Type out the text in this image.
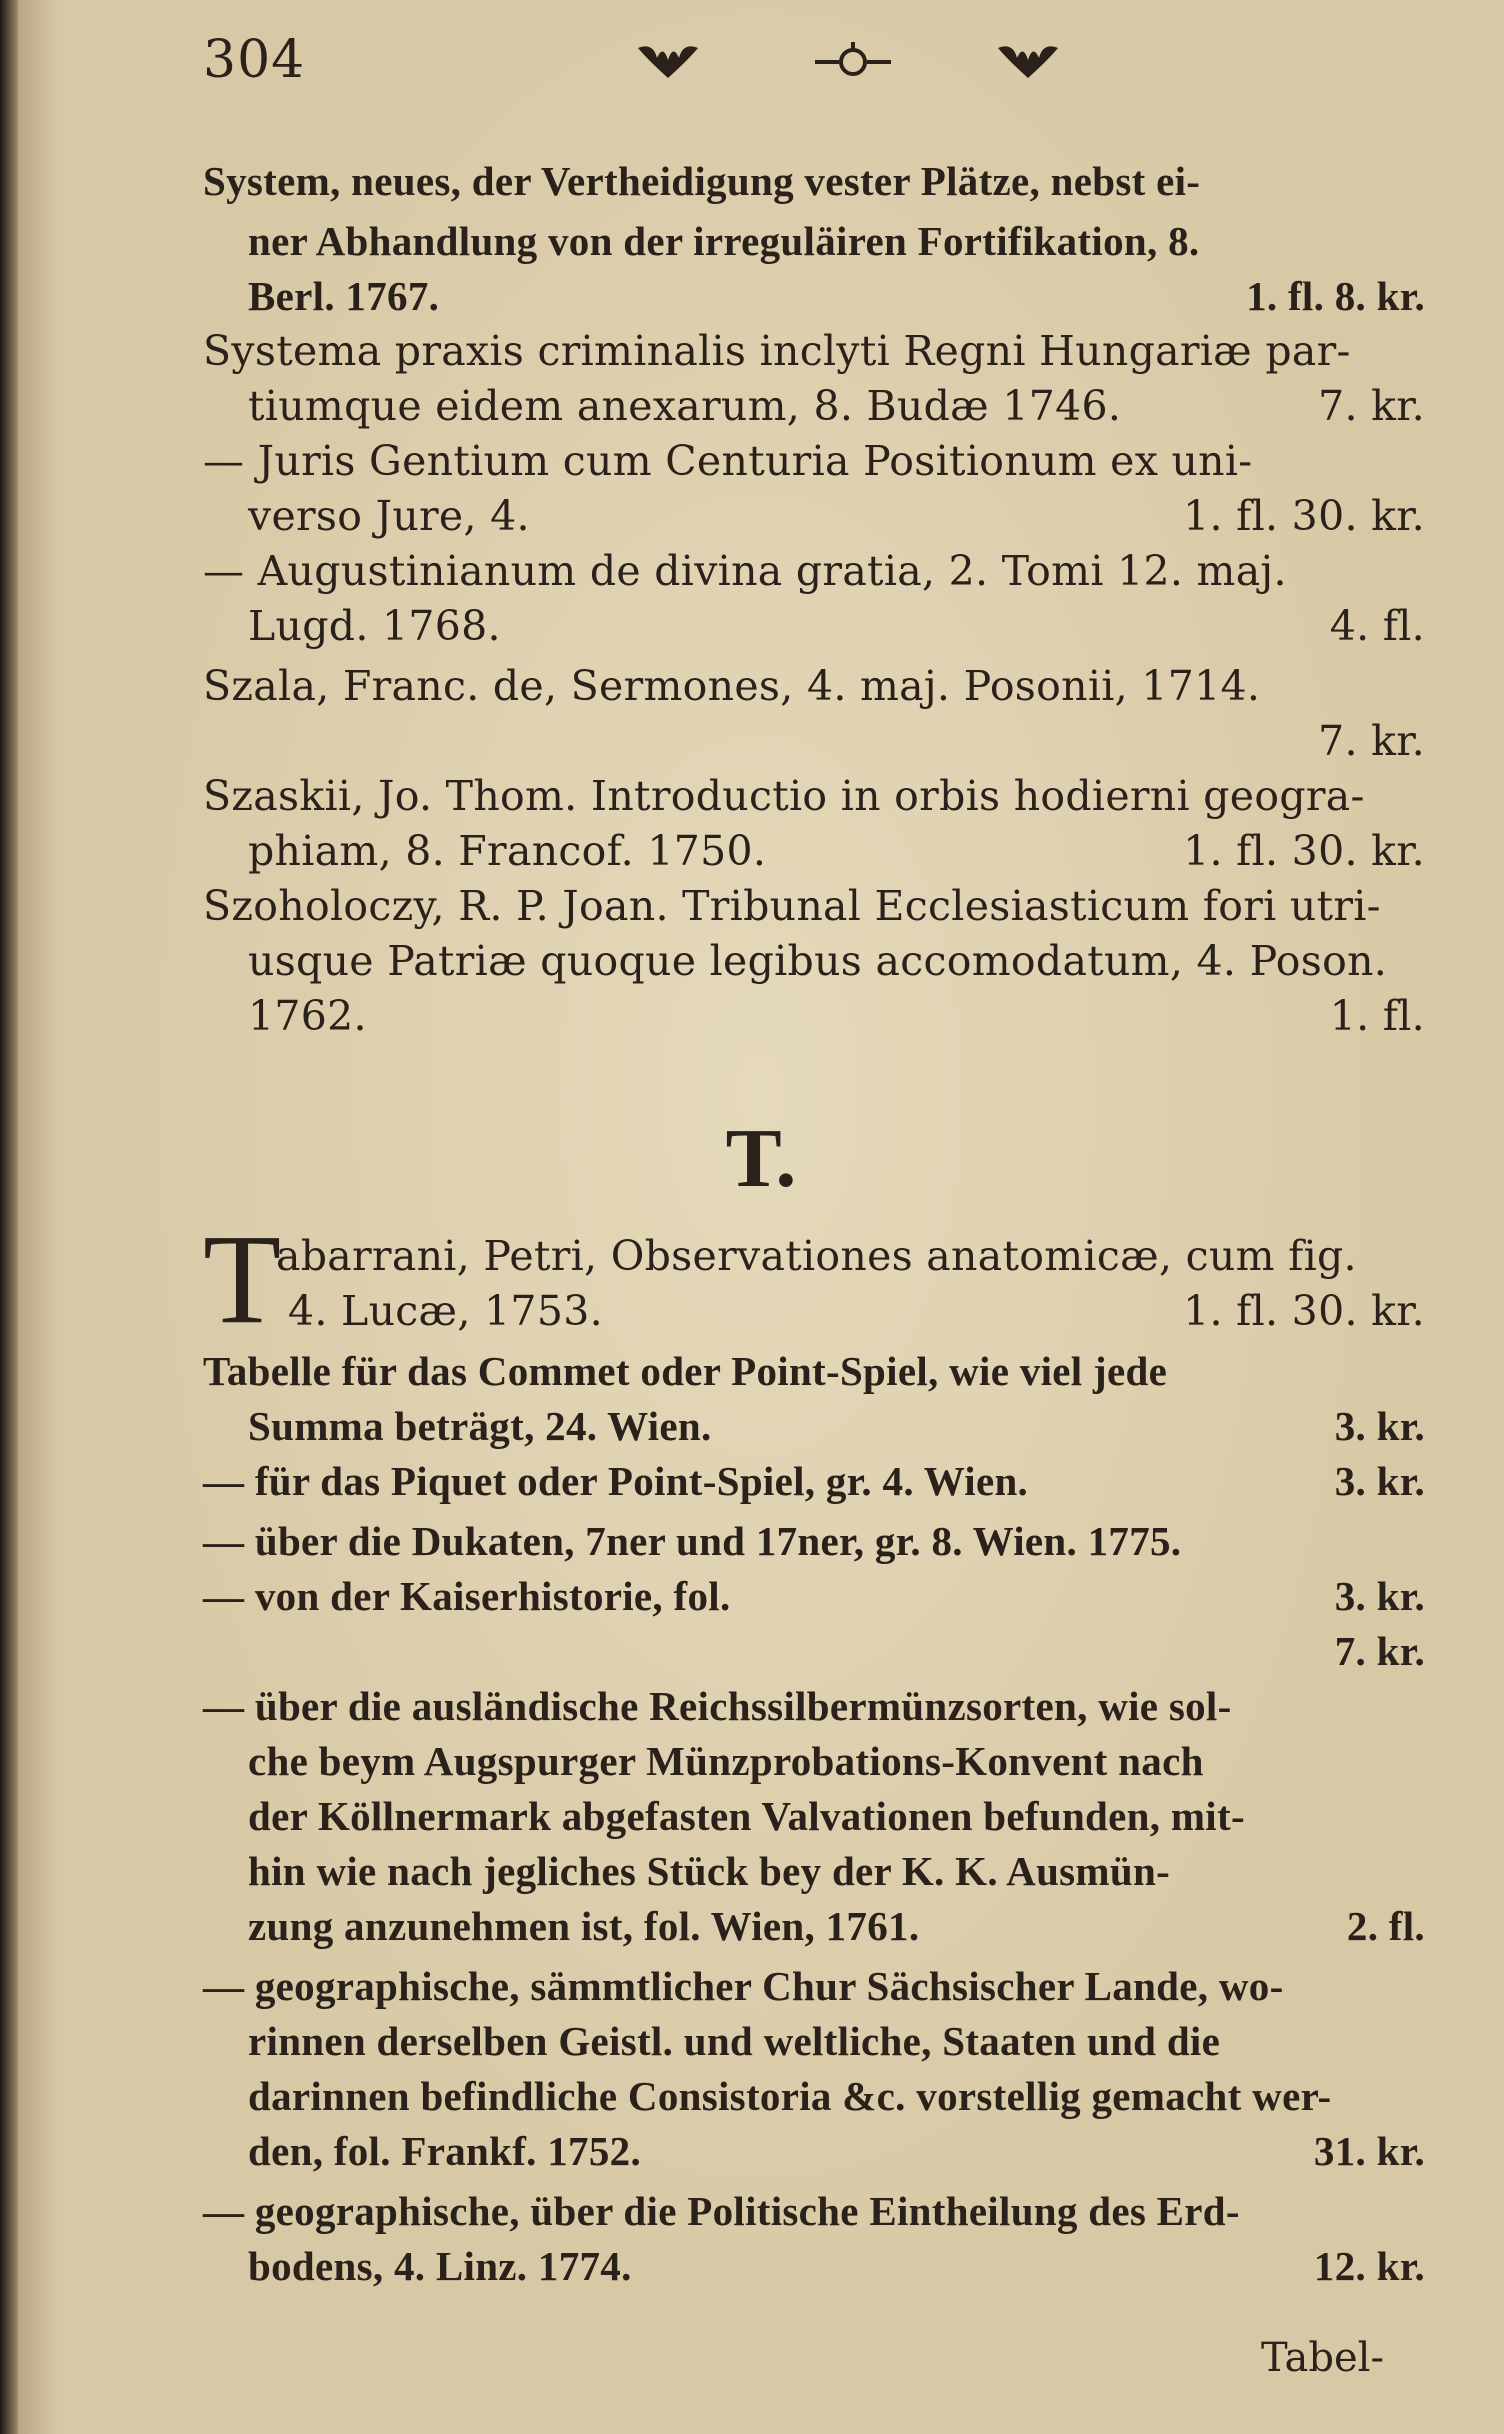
304
System, neues, der Vertheidigung vester Plätze, nebst ei-
ner Abhandlung von der irreguläiren Fortifikation, 8.
Berl. 1767.	1. fl. 8. kr.
Systema praxis criminalis inclyti Regni Hungariæ par-
tiumque eidem anexarum, 8. Budæ 1746.	7. kr.
— Juris Gentium cum Centuria Positionum ex uni-
verso Jure, 4.	1. fl. 30. kr.
— Augustinianum de divina gratia, 2. Tomi 12. maj.
Lugd. 1768.	4. fl.
Szala, Franc. de, Sermones, 4. maj. Posonii, 1714.
7. kr.
Szaskii, Jo. Thom. Introductio in orbis hodierni geogra-
phiam, 8. Francof. 1750.	1. fl. 30. kr.
Szoholoczy, R. P. Joan. Tribunal Ecclesiasticum fori utri-
usque Patriæ quoque legibus accomodatum, 4. Poson.
1762.	1. fl.
T.
T
abarrani, Petri, Observationes anatomicæ, cum fig.
4. Lucæ, 1753.	1. fl. 30. kr.
Tabelle für das Commet oder Point-Spiel, wie viel jede
Summa beträgt, 24. Wien.	3. kr.
— für das Piquet oder Point-Spiel, gr. 4. Wien.	3. kr.
— über die Dukaten, 7ner und 17ner, gr. 8. Wien. 1775.
— von der Kaiserhistorie, fol.	3. kr.
7. kr.
— über die ausländische Reichssilbermünzsorten, wie sol-
che beym Augspurger Münzprobations-Konvent nach
der Köllnermark abgefasten Valvationen befunden, mit-
hin wie nach jegliches Stück bey der K. K. Ausmün-
zung anzunehmen ist, fol. Wien, 1761.	2. fl.
— geographische, sämmtlicher Chur Sächsischer Lande, wo-
rinnen derselben Geistl. und weltliche, Staaten und die
darinnen befindliche Consistoria &c. vorstellig gemacht wer-
den, fol. Frankf. 1752.	31. kr.
— geographische, über die Politische Eintheilung des Erd-
bodens, 4. Linz. 1774.	12. kr.
Tabel-
